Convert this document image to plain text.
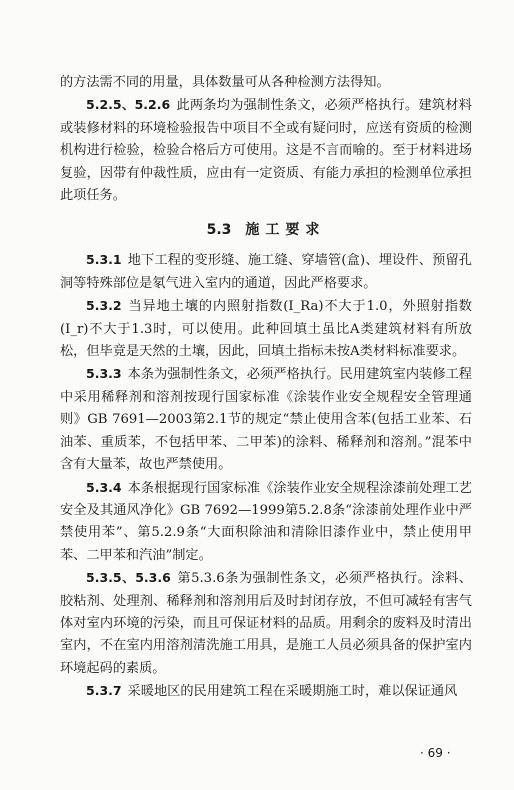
的方法需不同的用量，具体数量可从各种检测方法得知。

5.2.5、5.2.6 此两条均为强制性条文，必须严格执行。建筑材料或装修材料的环境检验报告中项目不全或有疑问时，应送有资质的检测机构进行检验，检验合格后方可使用。这是不言而喻的。至于材料进场复验，因带有仲裁性质，应由有一定资质、有能力承担的检测单位承担此项任务。

5.3 施工要求

5.3.1 地下工程的变形缝、施工缝、穿墙管(盒)、埋设件、预留孔洞等特殊部位是氡气进入室内的通道，因此严格要求。

5.3.2 当异地土壤的内照射指数(I_Ra)不大于1.0，外照射指数(I_r)不大于1.3时，可以使用。此种回填土虽比A类建筑材料有所放松，但毕竟是天然的土壤，因此，回填土指标未按A类材料标准要求。

5.3.3 本条为强制性条文，必须严格执行。民用建筑室内装修工程中采用稀释剂和溶剂按现行国家标准《涂装作业安全规程安全管理通则》GB 7691—2003第2.1节的规定“禁止使用含苯(包括工业苯、石油苯、重质苯，不包括甲苯、二甲苯)的涂料、稀释剂和溶剂。”混苯中含有大量苯，故也严禁使用。

5.3.4 本条根据现行国家标准《涂装作业安全规程涂漆前处理工艺安全及其通风净化》GB 7692—1999第5.2.8条“涂漆前处理作业中严禁使用苯”、第5.2.9条“大面积除油和清除旧漆作业中，禁止使用甲苯、二甲苯和汽油”制定。

5.3.5、5.3.6 第5.3.6条为强制性条文，必须严格执行。涂料、胶粘剂、处理剂、稀释剂和溶剂用后及时封闭存放，不但可减轻有害气体对室内环境的污染，而且可保证材料的品质。用剩余的废料及时清出室内，不在室内用溶剂清洗施工用具，是施工人员必须具备的保护室内环境起码的素质。

5.3.7 采暖地区的民用建筑工程在采暖期施工时，难以保证通风

· 69 ·
